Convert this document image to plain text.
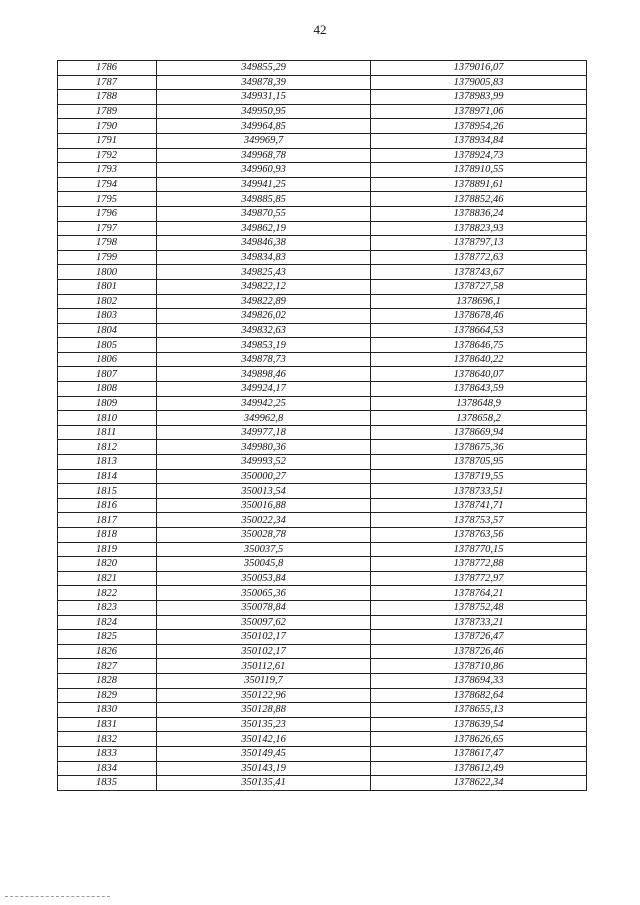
42
1786	349855,29	1379016,07
1787	349878,39	1379005,83
1788	349931,15	1378983,99
1789	349950,95	1378971,06
1790	349964,85	1378954,26
1791	349969,7	1378934,84
1792	349968,78	1378924,73
1793	349960,93	1378910,55
1794	349941,25	1378891,61
1795	349885,85	1378852,46
1796	349870,55	1378836,24
1797	349862,19	1378823,93
1798	349846,38	1378797,13
1799	349834,83	1378772,63
1800	349825,43	1378743,67
1801	349822,12	1378727,58
1802	349822,89	1378696,1
1803	349826,02	1378678,46
1804	349832,63	1378664,53
1805	349853,19	1378646,75
1806	349878,73	1378640,22
1807	349898,46	1378640,07
1808	349924,17	1378643,59
1809	349942,25	1378648,9
1810	349962,8	1378658,2
1811	349977,18	1378669,94
1812	349980,36	1378675,36
1813	349993,52	1378705,95
1814	350000,27	1378719,55
1815	350013,54	1378733,51
1816	350016,88	1378741,71
1817	350022,34	1378753,57
1818	350028,78	1378763,56
1819	350037,5	1378770,15
1820	350045,8	1378772,88
1821	350053,84	1378772,97
1822	350065,36	1378764,21
1823	350078,84	1378752,48
1824	350097,62	1378733,21
1825	350102,17	1378726,47
1826	350102,17	1378726,46
1827	350112,61	1378710,86
1828	350119,7	1378694,33
1829	350122,96	1378682,64
1830	350128,88	1378655,13
1831	350135,23	1378639,54
1832	350142,16	1378626,65
1833	350149,45	1378617,47
1834	350143,19	1378612,49
1835	350135,41	1378622,34
